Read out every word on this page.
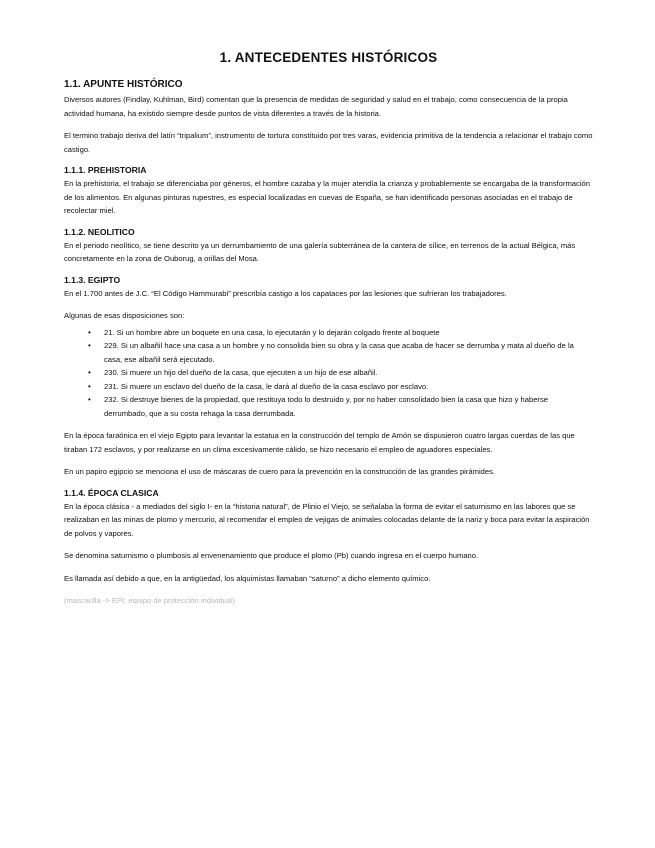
1. ANTECEDENTES HISTÓRICOS
1.1. APUNTE HISTÓRICO

Diversos autores (Findlay, Kuhlman, Bird) comentan que la presencia de medidas de seguridad y salud en el trabajo, como consecuencia de la propia actividad humana, ha existido siempre desde puntos de vista diferentes a través de la historia.

El termino trabajo deriva del latín “tripalium”, instrumento de tortura constituido por tres varas, evidencia primitiva de la tendencia a relacionar el trabajo como castigo.

1.1.1. PREHISTORIA

En la prehistoria, el trabajo se diferenciaba por géneros, el hombre cazaba y la mujer atendía la crianza y probablemente se encargaba de la transformación de los alimentos. En algunas pinturas rupestres, es especial localizadas en cuevas de España, se han identificado personas asociadas en el trabajo de recolectar miel.

1.1.2. NEOLITICO

En el periodo neolítico, se tiene descrito ya un derrumbamiento de una galería subterránea de la cantera de sílice, en terrenos de la actual Bélgica, más concretamente en la zona de Ouborug, a orillas del Mosa.

1.1.3. EGIPTO

En el 1.700 antes de J.C. “El Código Hammurabi” prescribía castigo a los capataces por las lesiones que sufrieran los trabajadores.

Algunas de esas disposiciones son:

• 21. Si un hombre abre un boquete en una casa, lo ejecutarán y lo dejarán colgado frente al boquete
• 229. Si un albañil hace una casa a un hombre y no consolida bien su obra y la casa que acaba de hacer se derrumba y mata al dueño de la casa, ese albañil será ejecutado.
• 230. Si muere un hijo del dueño de la casa, que ejecuten a un hijo de ese albañil.
• 231. Si muere un esclavo del dueño de la casa, le dará al dueño de la casa esclavo por esclavo.
• 232. Si destruye bienes de la propiedad, que restituya todo lo destruido y, por no haber consolidado bien la casa que hizo y haberse derrumbado, que a su costa rehaga la casa derrumbada.

En la época faraónica en el viejo Egipto para levantar la estatua en la construcción del templo de Amón se dispusieron cuatro largas cuerdas de las que tiraban 172 esclavos, y por realizarse en un clima excesivamente cálido, se hizo necesario el empleo de aguadores especiales.

En un papiro egipcio se menciona el uso de máscaras de cuero para la prevención en la construcción de las grandes pirámides.

1.1.4. ÉPOCA CLASICA

En la época clásica - a mediados del siglo I- en la “historia natural”, de Plinio el Viejo, se señalaba la forma de evitar el saturnismo en las labores que se realizaban en las minas de plomo y mercurio, al recomendar el empleo de vejigas de animales colocadas delante de la nariz y boca para evitar la aspiración de polvos y vapores.

Se denomina saturnismo o plumbosis al envenenamiento que produce el plomo (Pb) cuando ingresa en el cuerpo humano.

Es llamada así debido a que, en la antigüedad, los alquimistas llamaban “saturno” a dicho elemento químico.

(mascarilla -> EPI: equipo de protección individual)
